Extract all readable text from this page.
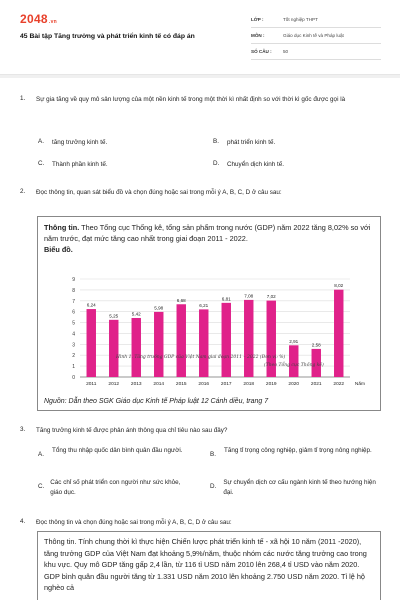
2048.vn
45 Bài tập Tăng trưởng và phát triển kinh tế có đáp án
LỚP :	Tốt nghiệp THPT
MÔN :	Giáo dục Kinh tế và Pháp luật
SỐ CÂU :	50
1.	Sự gia tăng về quy mô sản lượng của một nền kinh tế trong một thời kì nhất định so với thời kì gốc được gọi là
A.	tăng trưởng kinh tế.	B.	phát triển kinh tế.
C.	Thành phần kinh tế.	D.	Chuyển dịch kinh tế.
2.	Đọc thông tin, quan sát biểu đồ và chọn đúng hoặc sai trong mỗi ý A, B, C, D ở câu sau:
Thông tin. Theo Tổng cục Thống kê, tổng sản phẩm trong nước (GDP) năm 2022 tăng 8,02% so với năm trước, đạt mức tăng cao nhất trong giai đoạn 2011 - 2022.
Biểu đồ.
0
1
2
3
4
5
6
7
8
9
6,24
2011
5,25
2012
5,42
2013
5,98
2014
6,68
2015
6,21
2016
6,81
2017
7,08
2018
7,02
2019
2,91
2020
2,58
2021
8,02
2022 Năm
Hình 1. Tăng trưởng GDP của Việt Nam giai đoạn 2011 – 2022 (Đơn vị: %)
(Theo Tổng cục Thống kê)
Nguồn: Dẫn theo SGK Giáo dục Kinh tế Pháp luật 12 Cánh diều, trang 7
3.	Tăng trưởng kinh tế được phản ánh thông qua chỉ tiêu nào sau đây?
A.
Tổng thu nhập quốc dân bình quân đầu người.
B.
Tăng tỉ trọng công nghiệp, giảm tỉ trọng nông nghiệp.
C.
Các chỉ số phát triển con người như sức khỏe, giáo dục.
D.
Sự chuyển dịch cơ cấu ngành kinh tế theo hướng hiện đại.
4.	Đọc thông tin và chọn đúng hoặc sai trong mỗi ý A, B, C, D ở câu sau:
Thông tin. Tính chung thời kì thực hiện Chiến lược phát triển kinh tế - xã hội 10 năm (2011 -2020), tăng trưởng GDP của Việt Nam đạt khoảng 5,9%/năm, thuộc nhóm các nước tăng trưởng cao trong khu vực. Quy mô GDP tăng gấp 2,4 lần, từ 116 tỉ USD năm 2010 lên 268,4 tỉ USD vào năm 2020. GDP bình quân đầu người tăng từ 1.331 USD năm 2010 lên khoảng 2.750 USD năm 2020. Tỉ lệ hộ nghèo cả
